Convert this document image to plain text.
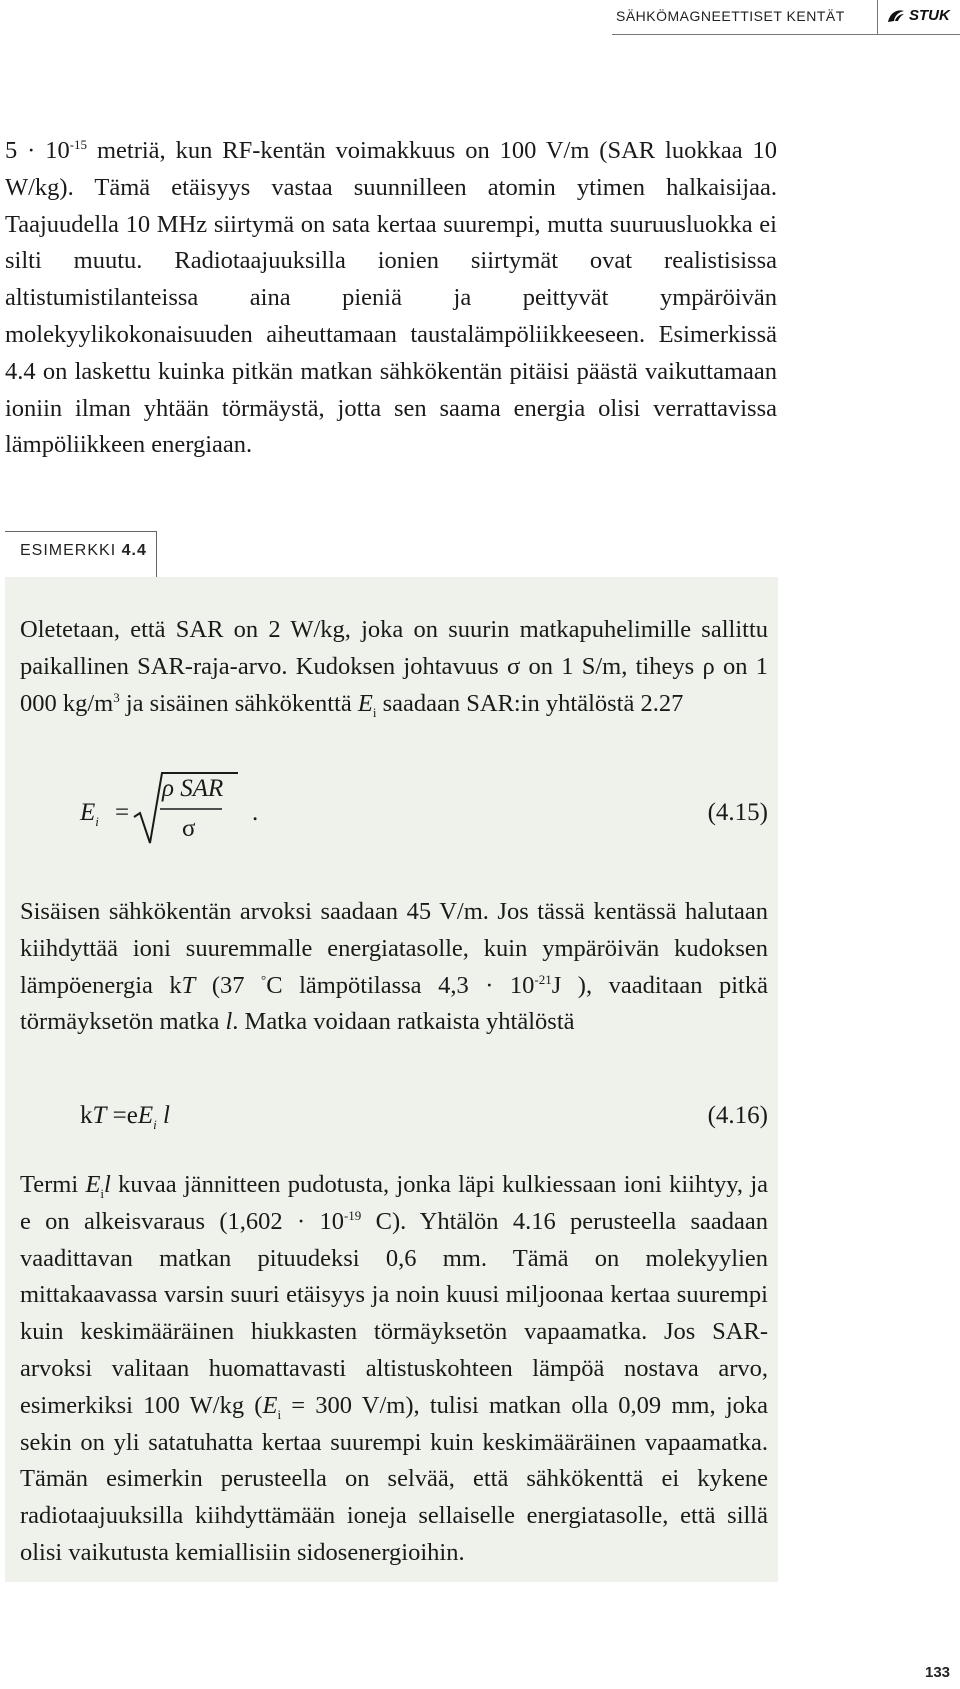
SÄHKÖMAGNEETTISET KENTÄT	STUK

$5 \cdot 10^{-15}$ metriä, kun RF-kentän voimakkuus on 100 V/m (SAR luokkaa 10 W/kg). Tämä etäisyys vastaa suunnilleen atomin ytimen halkaisijaa. Taajuudella 10 MHz siirtymä on sata kertaa suurempi, mutta suuruusluokka ei silti muutu. Radiotaajuuksilla ionien siirtymät ovat realistisissa altistumistilanteissa aina pieniä ja peittyvät ympäröivän molekyylikokonaisuuden aiheuttamaan taustalämpöliikkeeseen. Esimerkissä 4.4 on laskettu kuinka pitkän matkan sähkökentän pitäisi päästä vaikuttamaan ioniin ilman yhtään törmäystä, jotta sen saama energia olisi verrattavissa lämpöliikkeen energiaan.

ESIMERKKI 4.4

Oletetaan, että SAR on 2 W/kg, joka on suurin matkapuhelimille sallittu paikallinen SAR-raja-arvo. Kudoksen johtavuus σ on 1 S/m, tiheys ρ on 1 000 $kg/m^3$ ja sisäinen sähkökenttä $E_i$ saadaan SAR:in yhtälöstä 2.27

$E_i$ =
ρ SAR
σ
.	(4.15)

Sisäisen sähkökentän arvoksi saadaan 45 V/m. Jos tässä kentässä halutaan kiihdyttää ioni suuremmalle energiatasolle, kuin ympäröivän kudoksen lämpöenergia kT (37 °C lämpötilassa $4,3 \cdot 10^{-21}J$ ), vaaditaan pitkä törmäyksetön matka l. Matka voidaan ratkaista yhtälöstä

kT $=eE_i$ l	(4.16)

Termi $E_il$ kuvaa jännitteen pudotusta, jonka läpi kulkiessaan ioni kiihtyy, ja e on alkeisvaraus ($1,602 \cdot 10^{-19}$ C). Yhtälön 4.16 perusteella saadaan vaadittavan matkan pituudeksi 0,6 mm. Tämä on molekyylien mittakaavassa varsin suuri etäisyys ja noin kuusi miljoonaa kertaa suurempi kuin keskimääräinen hiukkasten törmäyksetön vapaamatka. Jos SAR-arvoksi valitaan huomattavasti altistuskohteen lämpöä nostava arvo, esimerkiksi 100 W/kg ($E_i = 300$ V/m), tulisi matkan olla 0,09 mm, joka sekin on yli satatuhatta kertaa suurempi kuin keskimääräinen vapaamatka. Tämän esimerkin perusteella on selvää, että sähkökenttä ei kykene radiotaajuuksilla kiihdyttämään ioneja sellaiselle energiatasolle, että sillä olisi vaikutusta kemiallisiin sidosenergioihin.

133
